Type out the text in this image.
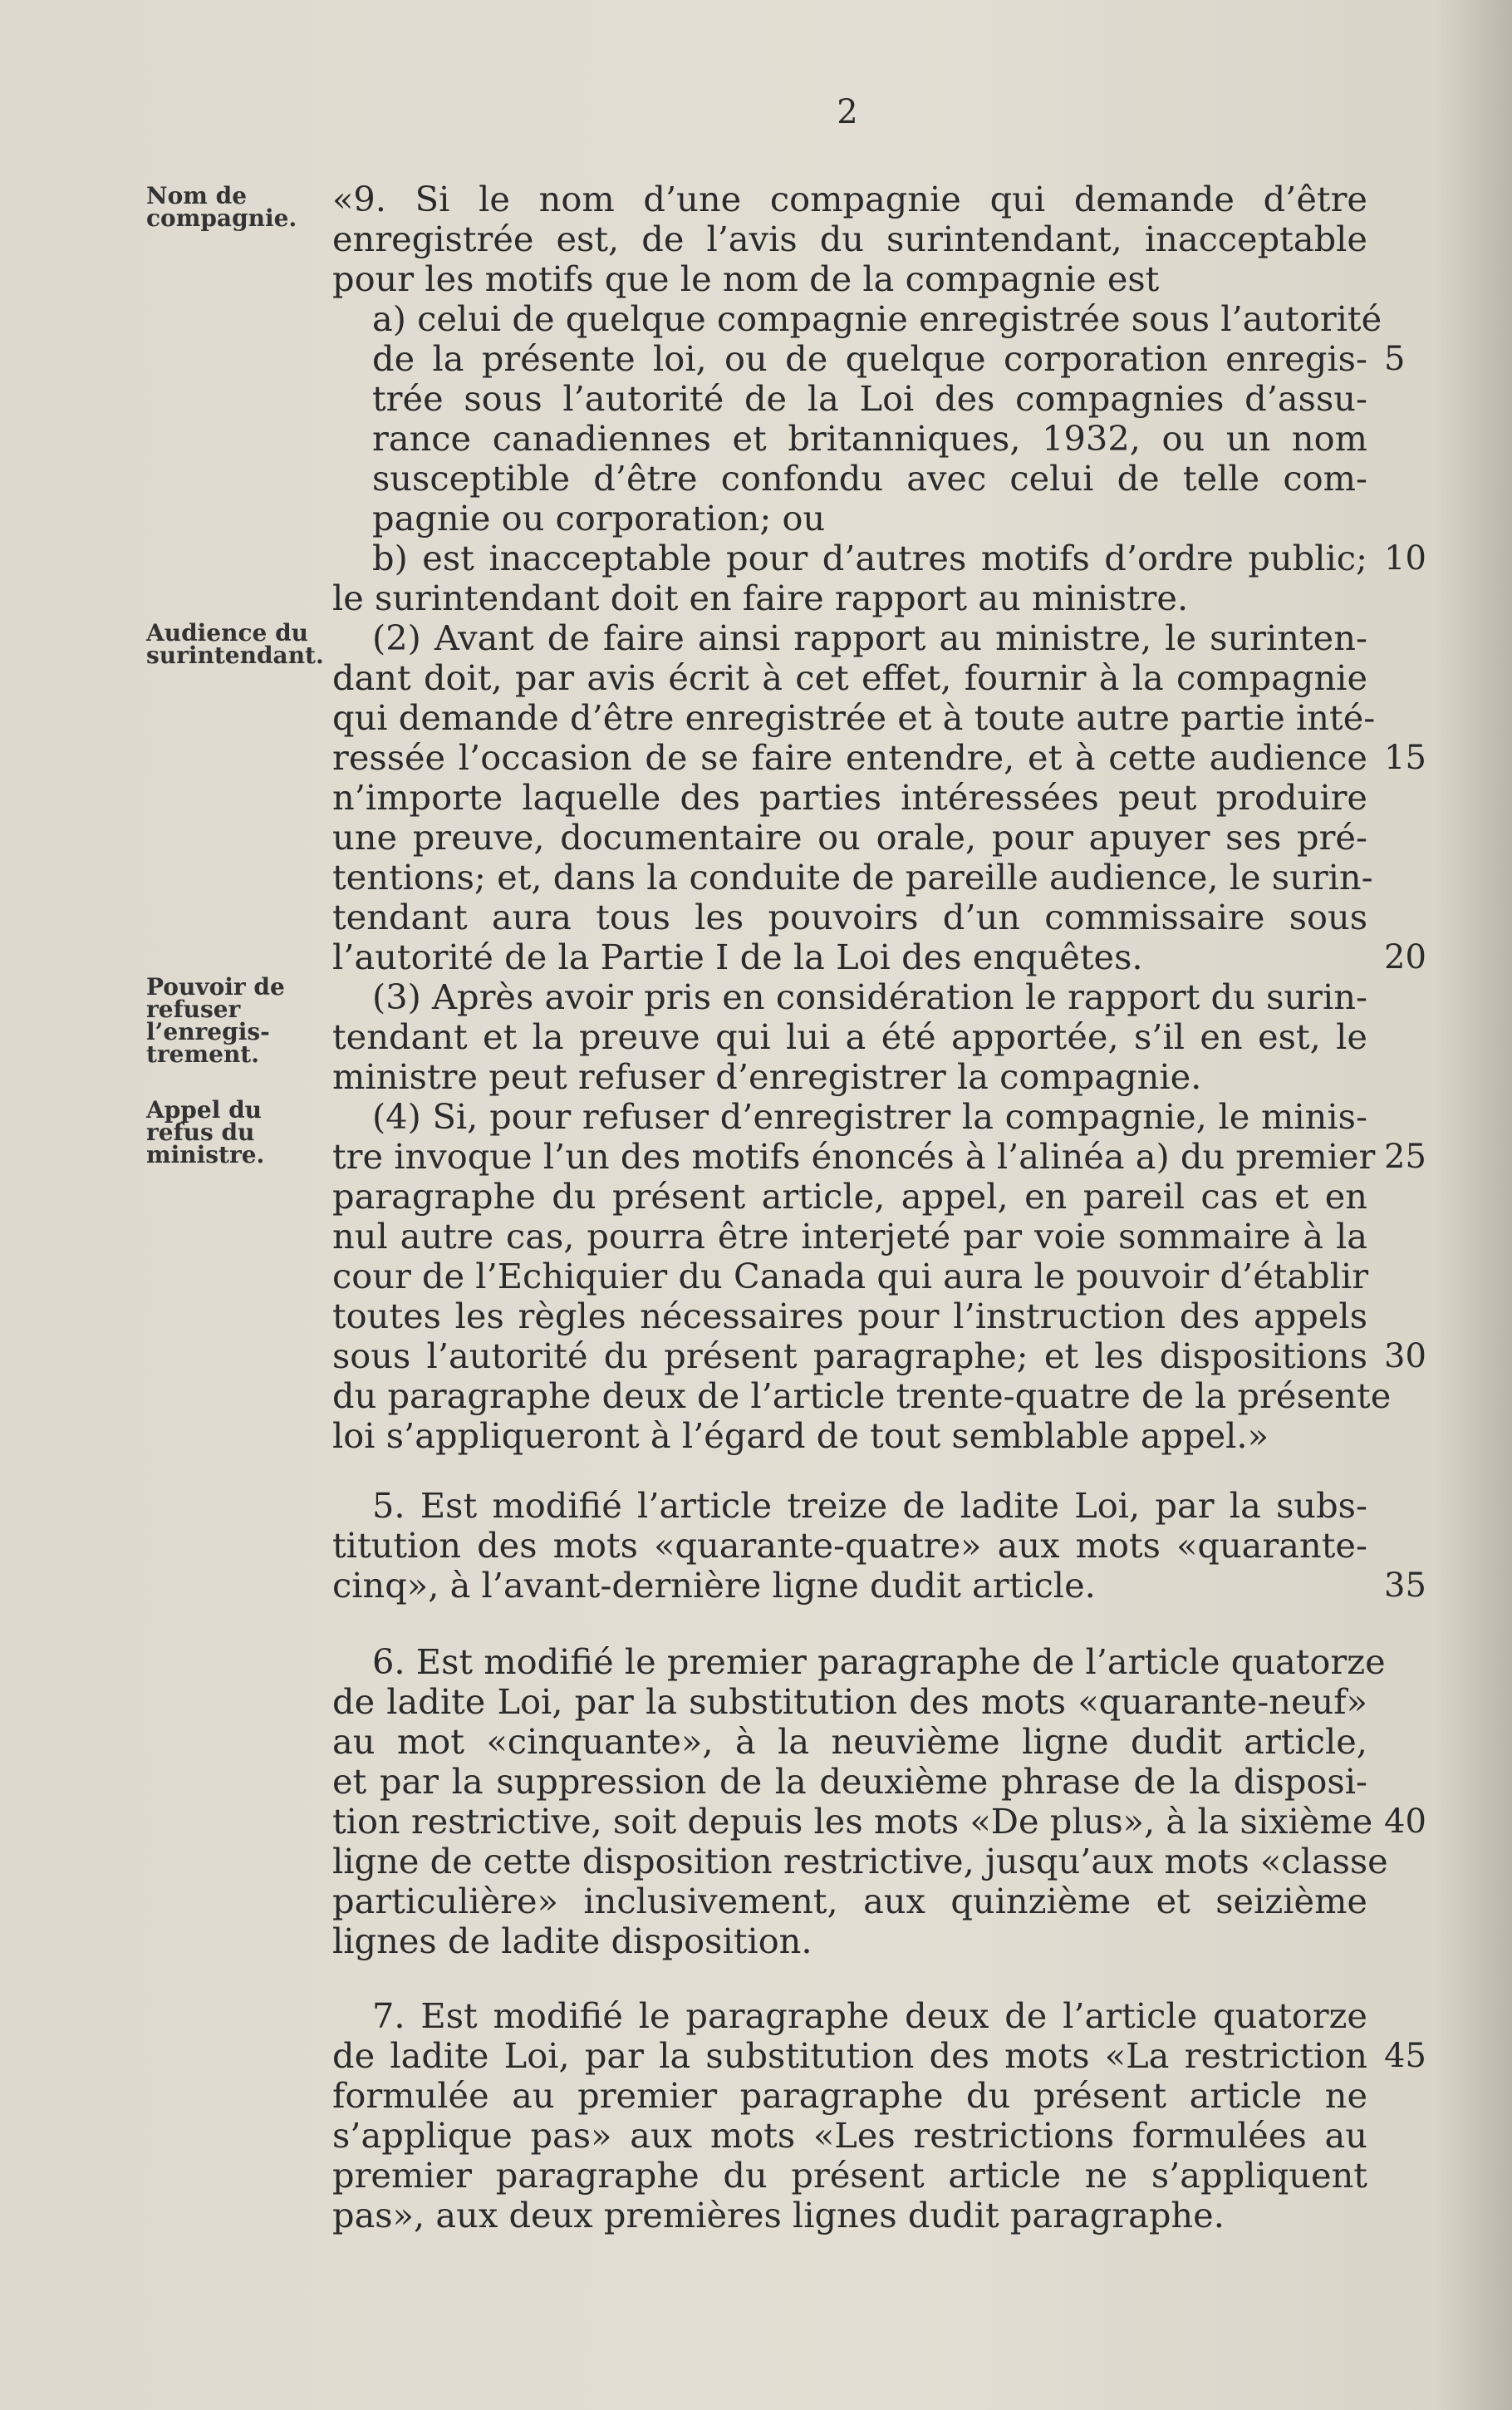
2
Nom de
compagnie.
Audience du
surintendant.
Pouvoir de
refuser
l’enregis-
trement.
Appel du
refus du
ministre.
«9. Si le nom d’une compagnie qui demande d’être
enregistrée est, de l’avis du surintendant, inacceptable
pour les motifs que le nom de la compagnie est
a) celui de quelque compagnie enregistrée sous l’autorité
de la présente loi, ou de quelque corporation enregis-
trée sous l’autorité de la Loi des compagnies d’assu-
rance canadiennes et britanniques, 1932, ou un nom
susceptible d’être confondu avec celui de telle com-
pagnie ou corporation; ou
b) est inacceptable pour d’autres motifs d’ordre public;
le surintendant doit en faire rapport au ministre.
(2) Avant de faire ainsi rapport au ministre, le surinten-
dant doit, par avis écrit à cet effet, fournir à la compagnie
qui demande d’être enregistrée et à toute autre partie inté-
ressée l’occasion de se faire entendre, et à cette audience
n’importe laquelle des parties intéressées peut produire
une preuve, documentaire ou orale, pour apuyer ses pré-
tentions; et, dans la conduite de pareille audience, le surin-
tendant aura tous les pouvoirs d’un commissaire sous
l’autorité de la Partie I de la Loi des enquêtes.
(3) Après avoir pris en considération le rapport du surin-
tendant et la preuve qui lui a été apportée, s’il en est, le
ministre peut refuser d’enregistrer la compagnie.
(4) Si, pour refuser d’enregistrer la compagnie, le minis-
tre invoque l’un des motifs énoncés à l’alinéa a) du premier
paragraphe du présent article, appel, en pareil cas et en
nul autre cas, pourra être interjeté par voie sommaire à la
cour de l’Echiquier du Canada qui aura le pouvoir d’établir
toutes les règles nécessaires pour l’instruction des appels
sous l’autorité du présent paragraphe; et les dispositions
du paragraphe deux de l’article trente-quatre de la présente
loi s’appliqueront à l’égard de tout semblable appel.»
5. Est modifié l’article treize de ladite Loi, par la subs-
titution des mots «quarante-quatre» aux mots «quarante-
cinq», à l’avant-dernière ligne dudit article.
6. Est modifié le premier paragraphe de l’article quatorze
de ladite Loi, par la substitution des mots «quarante-neuf»
au mot «cinquante», à la neuvième ligne dudit article,
et par la suppression de la deuxième phrase de la disposi-
tion restrictive, soit depuis les mots «De plus», à la sixième
ligne de cette disposition restrictive, jusqu’aux mots «classe
particulière» inclusivement, aux quinzième et seizième
lignes de ladite disposition.
7. Est modifié le paragraphe deux de l’article quatorze
de ladite Loi, par la substitution des mots «La restriction
formulée au premier paragraphe du présent article ne
s’applique pas» aux mots «Les restrictions formulées au
premier paragraphe du présent article ne s’appliquent
pas», aux deux premières lignes dudit paragraphe.
5
10
15
20
25
30
35
40
45
